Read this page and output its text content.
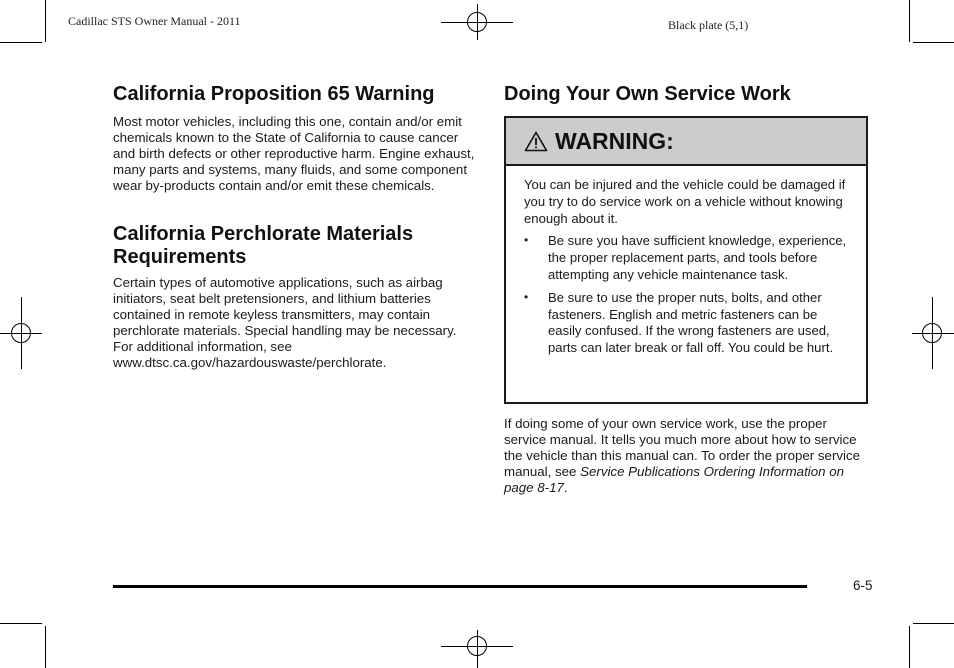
Cadillac STS Owner Manual - 2011	Black plate (5,1)
California Proposition 65 Warning

Most motor vehicles, including this one, contain and/or emit chemicals known to the State of California to cause cancer and birth defects or other reproductive harm. Engine exhaust, many parts and systems, many fluids, and some component wear by-products contain and/or emit these chemicals.

California Perchlorate Materials
Requirements

Certain types of automotive applications, such as airbag initiators, seat belt pretensioners, and lithium batteries contained in remote keyless transmitters, may contain perchlorate materials. Special handling may be necessary. For additional information, see www.dtsc.ca.gov/hazardouswaste/perchlorate.

Doing Your Own Service Work
WARNING:

You can be injured and the vehicle could be damaged if you try to do service work on a vehicle without knowing enough about it.

•	Be sure you have sufficient knowledge, experience, the proper replacement parts, and tools before attempting any vehicle maintenance task.
•	Be sure to use the proper nuts, bolts, and other fasteners. English and metric fasteners can be easily confused. If the wrong fasteners are used, parts can later break or fall off. You could be hurt.

If doing some of your own service work, use the proper service manual. It tells you much more about how to service the vehicle than this manual can. To order the proper service manual, see Service Publications Ordering Information on page 8-17.

6-5
